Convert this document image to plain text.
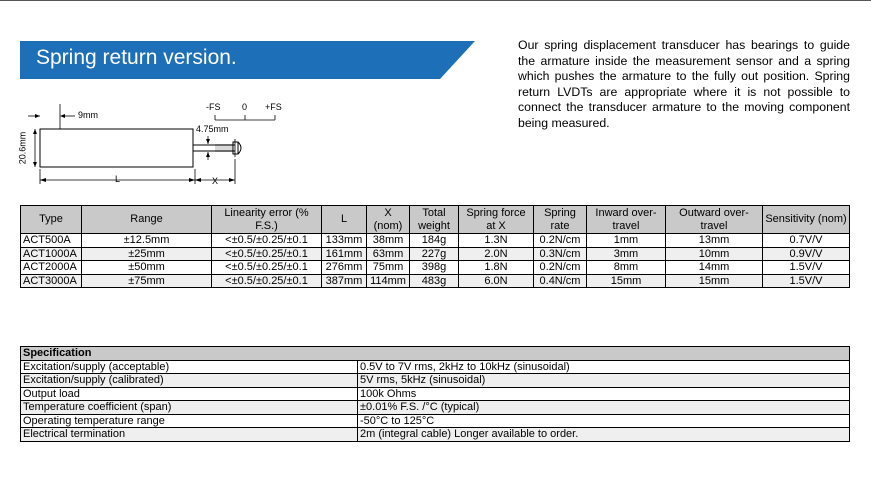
Spring return version.
Our spring displacement transducer has bearings to guide the armature inside the measurement sensor and a spring which pushes the armature to the fully out position. Spring return LVDTs are appropriate where it is not possible to connect the transducer armature to the moving component being measured.
20.6mm
9mm
-FS 0 +FS
4.75mm
L	X
Type	Range	Linearity error (% F.S.)	L	X (nom)	Total weight	Spring force at X	Spring rate	Inward over-travel	Outward over-travel	Sensitivity (nom)
ACT500A	±12.5mm	<±0.5/±0.25/±0.1	133mm	38mm	184g	1.3N	0.2N/cm	1mm	13mm	0.7V/V
ACT1000A	±25mm	<±0.5/±0.25/±0.1	161mm	63mm	227g	2.0N	0.3N/cm	3mm	10mm	0.9V/V
ACT2000A	±50mm	<±0.5/±0.25/±0.1	276mm	75mm	398g	1.8N	0.2N/cm	8mm	14mm	1.5V/V
ACT3000A	±75mm	<±0.5/±0.25/±0.1	387mm	114mm	483g	6.0N	0.4N/cm	15mm	15mm	1.5V/V
Specification	
Excitation/supply (acceptable)	0.5V to 7V rms, 2kHz to 10kHz (sinusoidal)
Excitation/supply (calibrated)	5V rms, 5kHz (sinusoidal)
Output load	100k Ohms
Temperature coefficient (span)	±0.01% F.S. /°C (typical)
Operating temperature range	-50°C to 125°C
Electrical termination	2m (integral cable) Longer available to order.
